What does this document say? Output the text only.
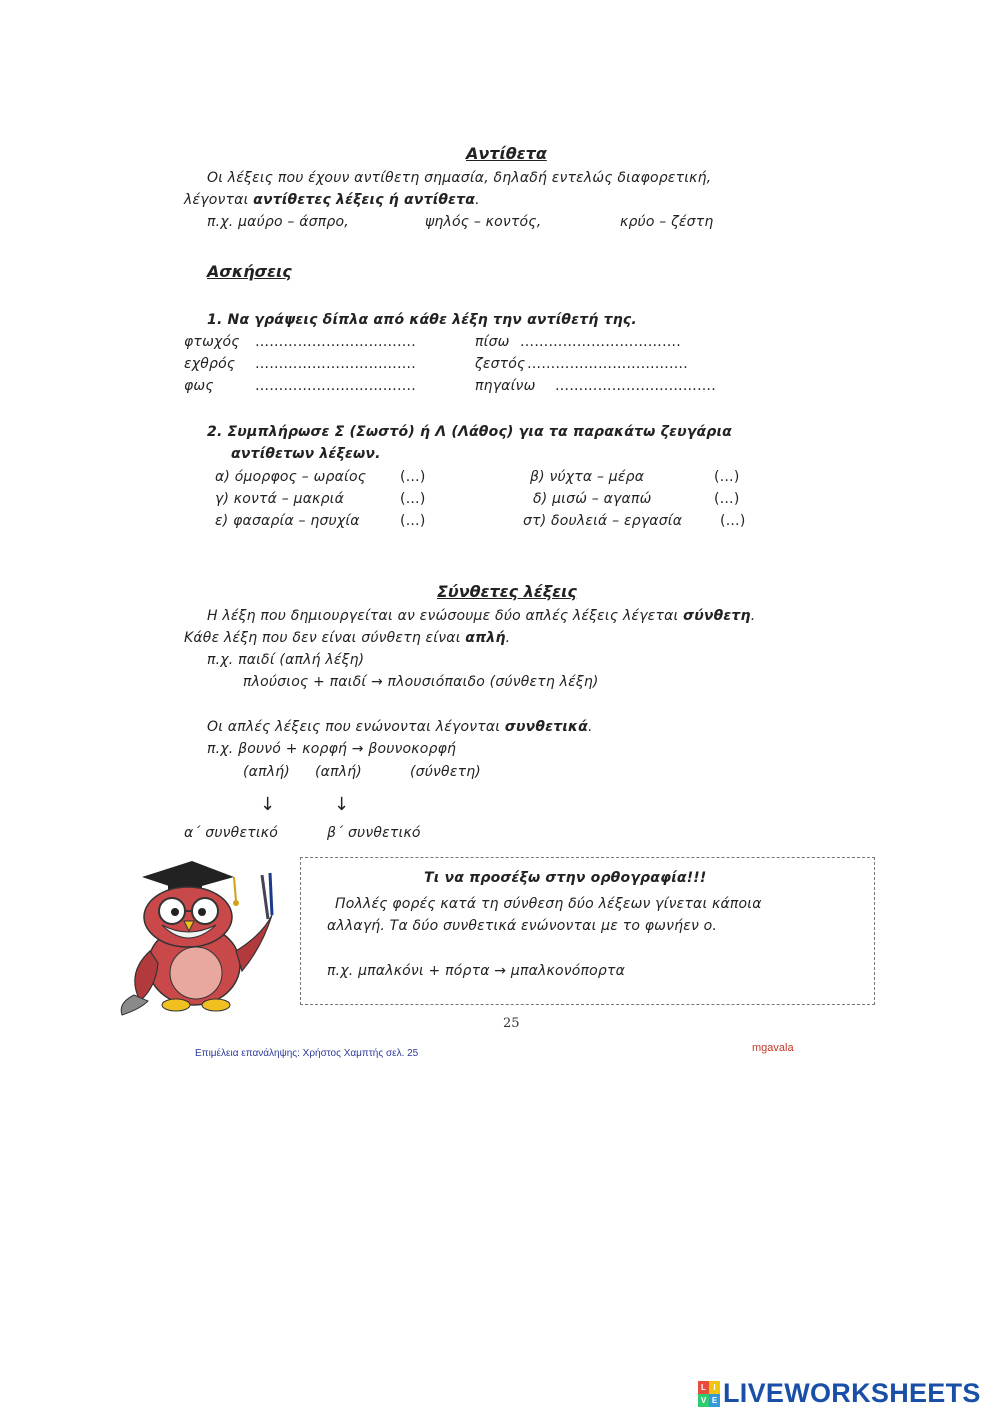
Αντίθετα
Οι λέξεις που έχουν αντίθετη σημασία, δηλαδή εντελώς διαφορετική,
λέγονται αντίθετες λέξεις ή αντίθετα.
π.χ. μαύρο – άσπρο,	ψηλός – κοντός,	κρύο – ζέστη
Ασκήσεις
1. Να γράψεις δίπλα από κάθε λέξη την αντίθετή της.
φτωχός …………………………….	πίσω …………………………….
εχθρός …………………………….	ζεστός …………………………….
φως	…………………………….	πηγαίνω …………………………….
2. Συμπλήρωσε Σ (Σωστό) ή Λ (Λάθος) για τα παρακάτω ζευγάρια
αντίθετων λέξεων.
α) όμορφος – ωραίος (…)	β) νύχτα – μέρα	(…)
γ) κοντά – μακριά	(…)	δ) μισώ – αγαπώ	(…)
ε) φασαρία – ησυχία	(…)	στ) δουλειά – εργασία	(…)
Σύνθετες λέξεις
Η λέξη που δημιουργείται αν ενώσουμε δύο απλές λέξεις λέγεται σύνθετη.
Κάθε λέξη που δεν είναι σύνθετη είναι απλή.
π.χ. παιδί (απλή λέξη)
πλούσιος + παιδί → πλουσιόπαιδο (σύνθετη λέξη)
Οι απλές λέξεις που ενώνονται λέγονται συνθετικά.
π.χ. βουνό + κορφή → βουνοκορφή
(απλή) (απλή)	(σύνθετη)
↓	↓
α΄ συνθετικό	β΄ συνθετικό
Τι να προσέξω στην ορθογραφία!!!
Πολλές φορές κατά τη σύνθεση δύο λέξεων γίνεται κάποια
αλλαγή. Τα δύο συνθετικά ενώνονται με το φωνήεν ο.
π.χ. μπαλκόνι + πόρτα → μπαλκονόπορτα
25
Επιμέλεια επανάληψης: Χρήστος Χαμπτής σελ. 25	mgavala
L I
V E LIVEWORKSHEETS
